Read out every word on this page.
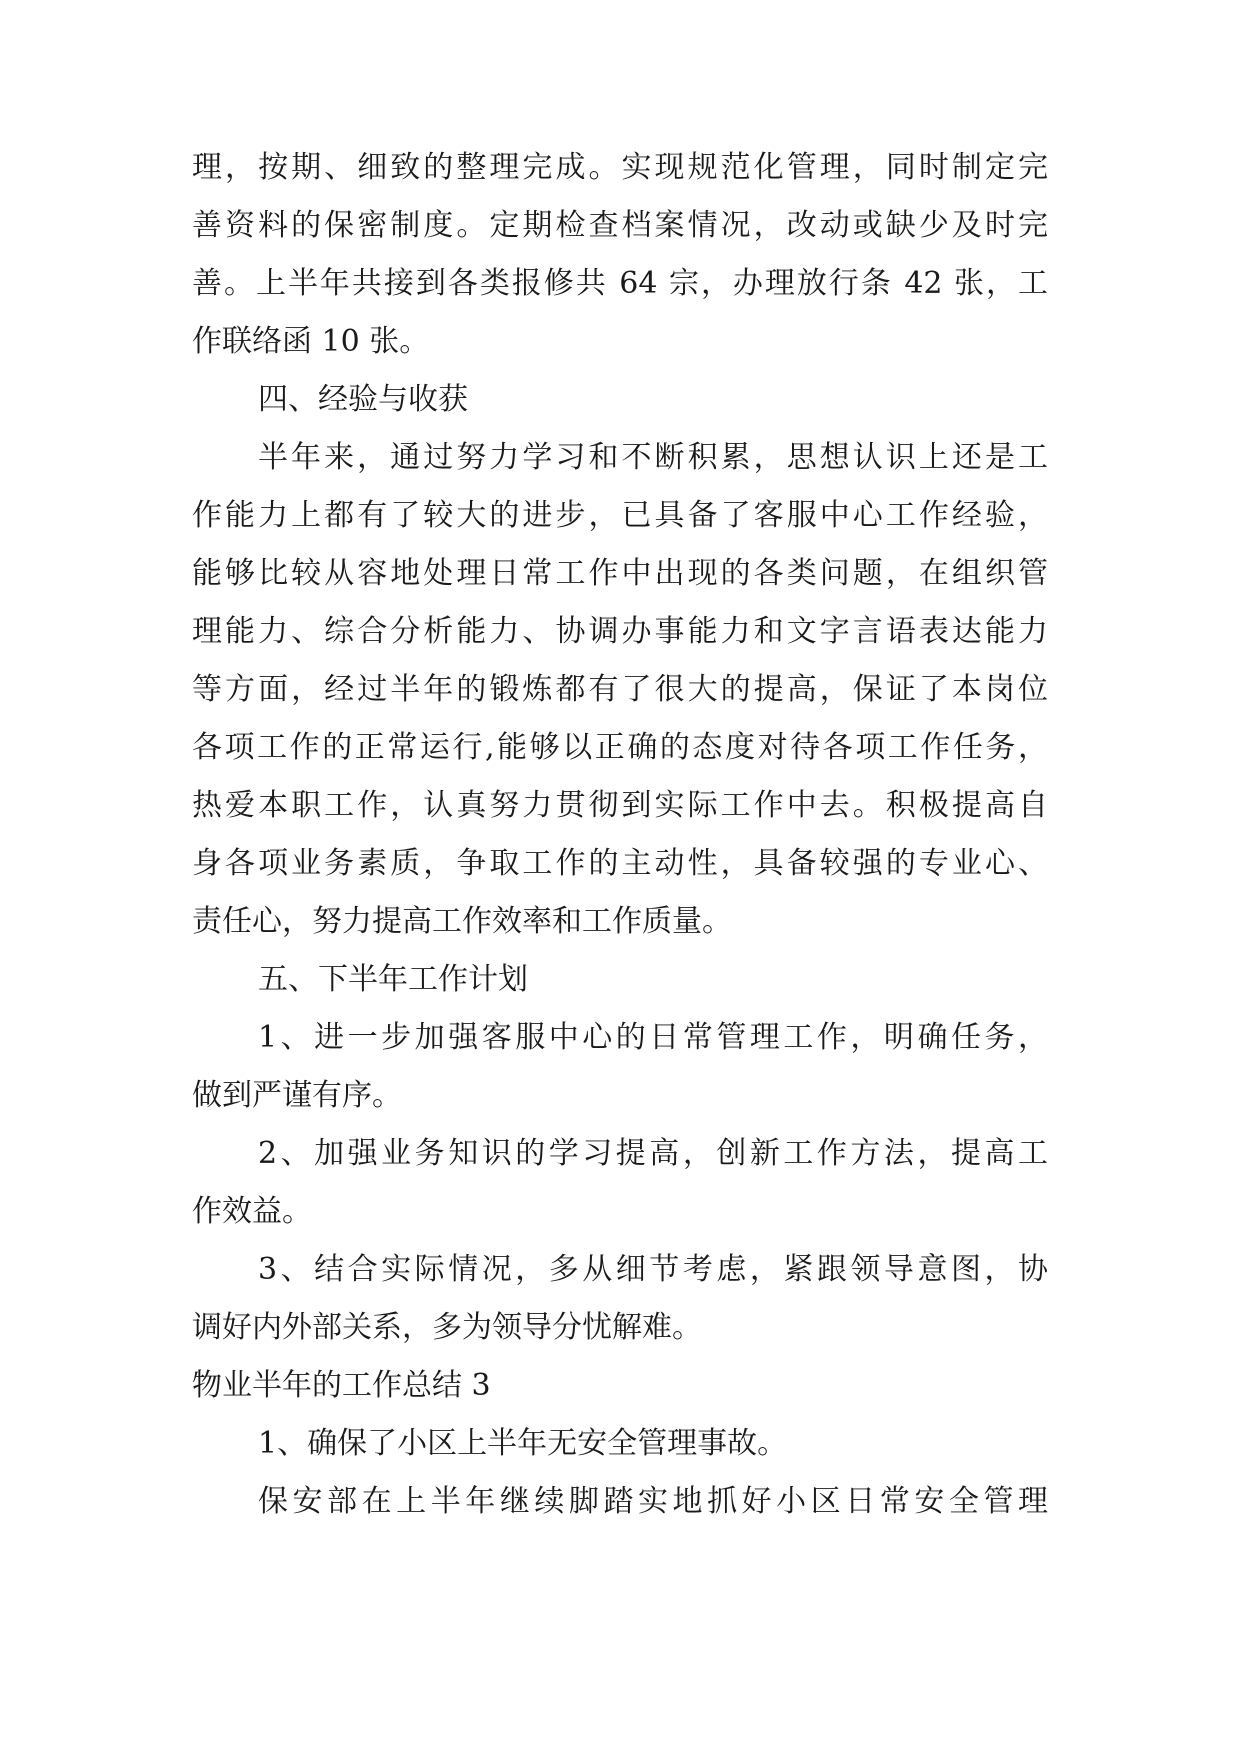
理，按期、细致的整理完成。实现规范化管理，同时制定完
善资料的保密制度。定期检查档案情况，改动或缺少及时完
善。上半年共接到各类报修共 64 宗，办理放行条 42 张，工
作联络函 10 张。
四、经验与收获
半年来，通过努力学习和不断积累，思想认识上还是工
作能力上都有了较大的进步，已具备了客服中心工作经验，
能够比较从容地处理日常工作中出现的各类问题，在组织管
理能力、综合分析能力、协调办事能力和文字言语表达能力
等方面，经过半年的锻炼都有了很大的提高，保证了本岗位
各项工作的正常运行,能够以正确的态度对待各项工作任务，
热爱本职工作，认真努力贯彻到实际工作中去。积极提高自
身各项业务素质，争取工作的主动性，具备较强的专业心、
责任心，努力提高工作效率和工作质量。
五、下半年工作计划
1、进一步加强客服中心的日常管理工作，明确任务，
做到严谨有序。
2、加强业务知识的学习提高，创新工作方法，提高工
作效益。
3、结合实际情况，多从细节考虑，紧跟领导意图，协
调好内外部关系，多为领导分忧解难。
物业半年的工作总结 3
1、确保了小区上半年无安全管理事故。
保安部在上半年继续脚踏实地抓好小区日常安全管理
